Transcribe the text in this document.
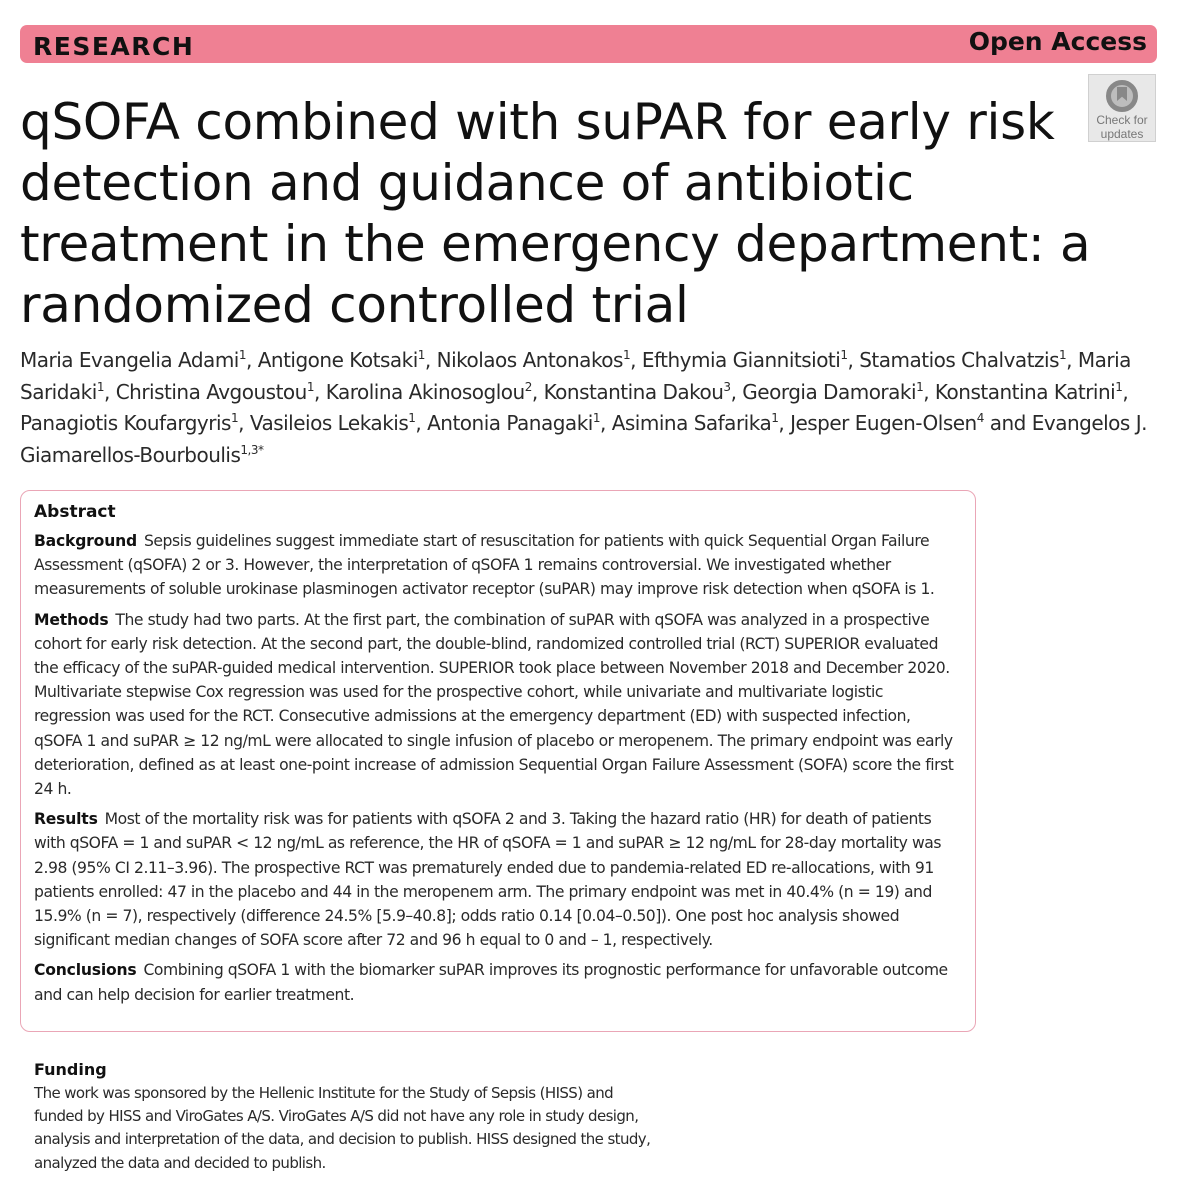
RESEARCH	Open Access
Check for
updates
qSOFA combined with suPAR for early risk detection and guidance of antibiotic treatment in the emergency department: a randomized controlled trial
Maria Evangelia Adami$^1$, Antigone Kotsaki$^1$, Nikolaos Antonakos$^1$, Efthymia Giannitsioti$^1$, Stamatios Chalvatzis$^1$, Maria Saridaki$^1$, Christina Avgoustou$^1$, Karolina Akinosoglou$^2$, Konstantina Dakou$^3$, Georgia Damoraki$^1$, Konstantina Katrini$^1$, Panagiotis Koufargyris$^1$, Vasileios Lekakis$^1$, Antonia Panagaki$^1$, Asimina Safarika$^1$, Jesper Eugen-Olsen$^4$ and Evangelos J. Giamarellos-Bourboulis$^{1,3*}$
Abstract

Background Sepsis guidelines suggest immediate start of resuscitation for patients with quick Sequential Organ Failure Assessment (qSOFA) 2 or 3. However, the interpretation of qSOFA 1 remains controversial. We investigated whether measurements of soluble urokinase plasminogen activator receptor (suPAR) may improve risk detection when qSOFA is 1.

Methods The study had two parts. At the first part, the combination of suPAR with qSOFA was analyzed in a prospective cohort for early risk detection. At the second part, the double-blind, randomized controlled trial (RCT) SUPERIOR evaluated the efficacy of the suPAR-guided medical intervention. SUPERIOR took place between November 2018 and December 2020. Multivariate stepwise Cox regression was used for the prospective cohort, while univariate and multivariate logistic regression was used for the RCT. Consecutive admissions at the emergency department (ED) with suspected infection, qSOFA 1 and suPAR ≥ 12 ng/mL were allocated to single infusion of placebo or meropenem. The primary endpoint was early deterioration, defined as at least one-point increase of admission Sequential Organ Failure Assessment (SOFA) score the first 24 h.

Results Most of the mortality risk was for patients with qSOFA 2 and 3. Taking the hazard ratio (HR) for death of patients with qSOFA = 1 and suPAR < 12 ng/mL as reference, the HR of qSOFA = 1 and suPAR ≥ 12 ng/mL for 28-day mortality was 2.98 (95% CI 2.11–3.96). The prospective RCT was prematurely ended due to pandemia-related ED re-allocations, with 91 patients enrolled: 47 in the placebo and 44 in the meropenem arm. The primary endpoint was met in 40.4% (n = 19) and 15.9% (n = 7), respectively (difference 24.5% [5.9–40.8]; odds ratio 0.14 [0.04–0.50]). One post hoc analysis showed significant median changes of SOFA score after 72 and 96 h equal to 0 and – 1, respectively.

Conclusions Combining qSOFA 1 with the biomarker suPAR improves its prognostic performance for unfavorable outcome and can help decision for earlier treatment.

Funding
The work was sponsored by the Hellenic Institute for the Study of Sepsis (HISS) and funded by HISS and ViroGates A/S. ViroGates A/S did not have any role in study design, analysis and interpretation of the data, and decision to publish. HISS designed the study, analyzed the data and decided to publish.
